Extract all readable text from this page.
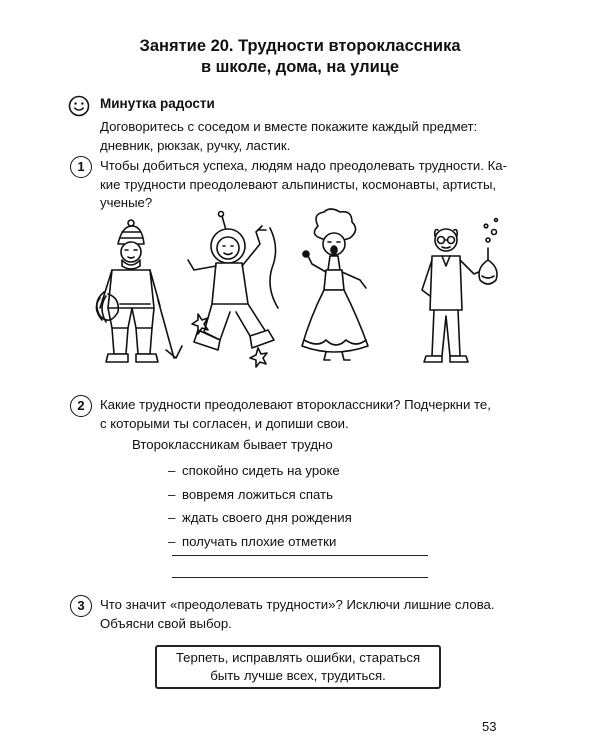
Занятие 20. Трудности второклассника
в школе, дома, на улице
Минутка радости
Договоритесь с соседом и вместе покажите каждый предмет:
дневник, рюкзак, ручку, ластик.
1	Чтобы добиться успеха, людям надо преодолевать трудности. Ка-
кие трудности преодолевают альпинисты, космонавты, артисты,
ученые?
2	Какие трудности преодолевают второклассники? Подчеркни те,
с которыми ты согласен, и допиши свои.
Второклассникам бывает трудно
– спокойно сидеть на уроке
– вовремя ложиться спать
– ждать своего дня рождения
– получать плохие отметки
3	Что значит «преодолевать трудности»? Исключи лишние слова.
Объясни свой выбор.
Терпеть, исправлять ошибки, стараться
быть лучше всех, трудиться.
53
